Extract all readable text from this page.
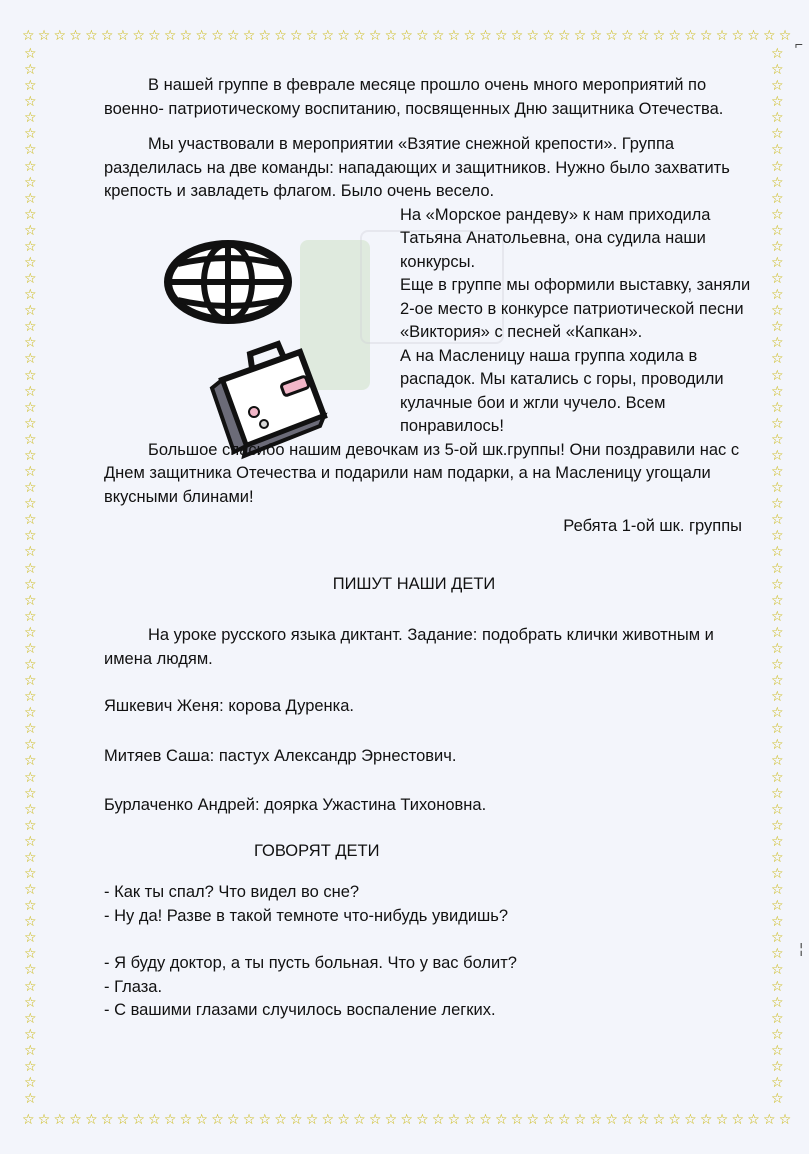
☆ ☆ ☆ ☆ ☆ ☆ ☆ ☆ ☆ ☆ ☆ ☆ ☆ ☆ ☆ ☆ ☆ ☆ ☆ ☆ ☆ ☆ ☆ ☆ ☆ ☆ ☆ ☆ ☆ ☆ ☆ ☆ ☆ ☆ ☆ ☆ ☆ ☆ ☆ ☆ ☆ ☆ ☆ ☆ ☆ ☆ ☆ ☆ ☆
☆ ☆ ☆ ☆ ☆ ☆ ☆ ☆ ☆ ☆ ☆ ☆ ☆ ☆ ☆ ☆ ☆ ☆ ☆ ☆ ☆ ☆ ☆ ☆ ☆ ☆ ☆ ☆ ☆ ☆ ☆ ☆ ☆ ☆ ☆ ☆ ☆ ☆ ☆ ☆ ☆ ☆ ☆ ☆ ☆ ☆ ☆ ☆ ☆
☆
☆
☆
☆
☆
☆
☆
☆
☆
☆
☆
☆
☆
☆
☆
☆
☆
☆
☆
☆
☆
☆
☆
☆
☆
☆
☆
☆
☆
☆
☆
☆
☆
☆
☆
☆
☆
☆
☆
☆
☆
☆
☆
☆
☆
☆
☆
☆
☆
☆
☆
☆
☆
☆
☆
☆
☆
☆
☆
☆
☆
☆
☆
☆
☆
☆
☆
☆
☆
☆
☆
☆
☆
☆
☆
☆
☆
☆
☆
☆
☆
☆
☆
☆
☆
☆
☆
☆
☆
☆
☆
☆
☆
☆
☆
☆
☆
☆
☆
☆
☆
☆
☆
☆
☆
☆
☆
☆
☆
☆
☆
☆
☆
☆
☆
☆
☆
☆
☆
☆
☆
☆
☆
☆
☆
☆
☆
☆
☆
☆
☆
☆
⌐
¦

В нашей группе в феврале месяце прошло очень много мероприятий по военно- патриотическому воспитанию, посвященных Дню защитника Отечества.

Мы участвовали в мероприятии «Взятие снежной крепости». Группа разделилась на две команды: нападающих и защитников. Нужно было захватить крепость и завладеть флагом. Было очень весело.

На «Морское рандеву» к нам приходила Татьяна Анатольевна, она судила наши конкурсы.

Еще в группе мы оформили выставку, заняли 2-ое место в конкурсе патриотической песни «Виктория» с песней «Капкан».

А на Масленицу наша группа ходила в распадок. Мы катались с горы, проводили кулачные бои и жгли чучело. Всем понравилось!

Большое спасибо нашим девочкам из 5-ой шк.группы! Они поздравили нас с Днем защитника Отечества и подарили нам подарки, а на Масленицу угощали вкусными блинами!

Ребята 1-ой шк. группы

ПИШУТ НАШИ ДЕТИ

На уроке русского языка диктант. Задание: подобрать клички животным и имена людям.

Яшкевич Женя: корова Дуренка.

Митяев Саша: пастух Александр Эрнестович.

Бурлаченко Андрей: доярка Ужастина Тихоновна.

ГОВОРЯТ ДЕТИ

- Как ты спал? Что видел во сне?

- Ну да! Разве в такой темноте что-нибудь увидишь?

- Я буду доктор, а ты пусть больная. Что у вас болит?

- Глаза.

- С вашими глазами случилось воспаление легких.
